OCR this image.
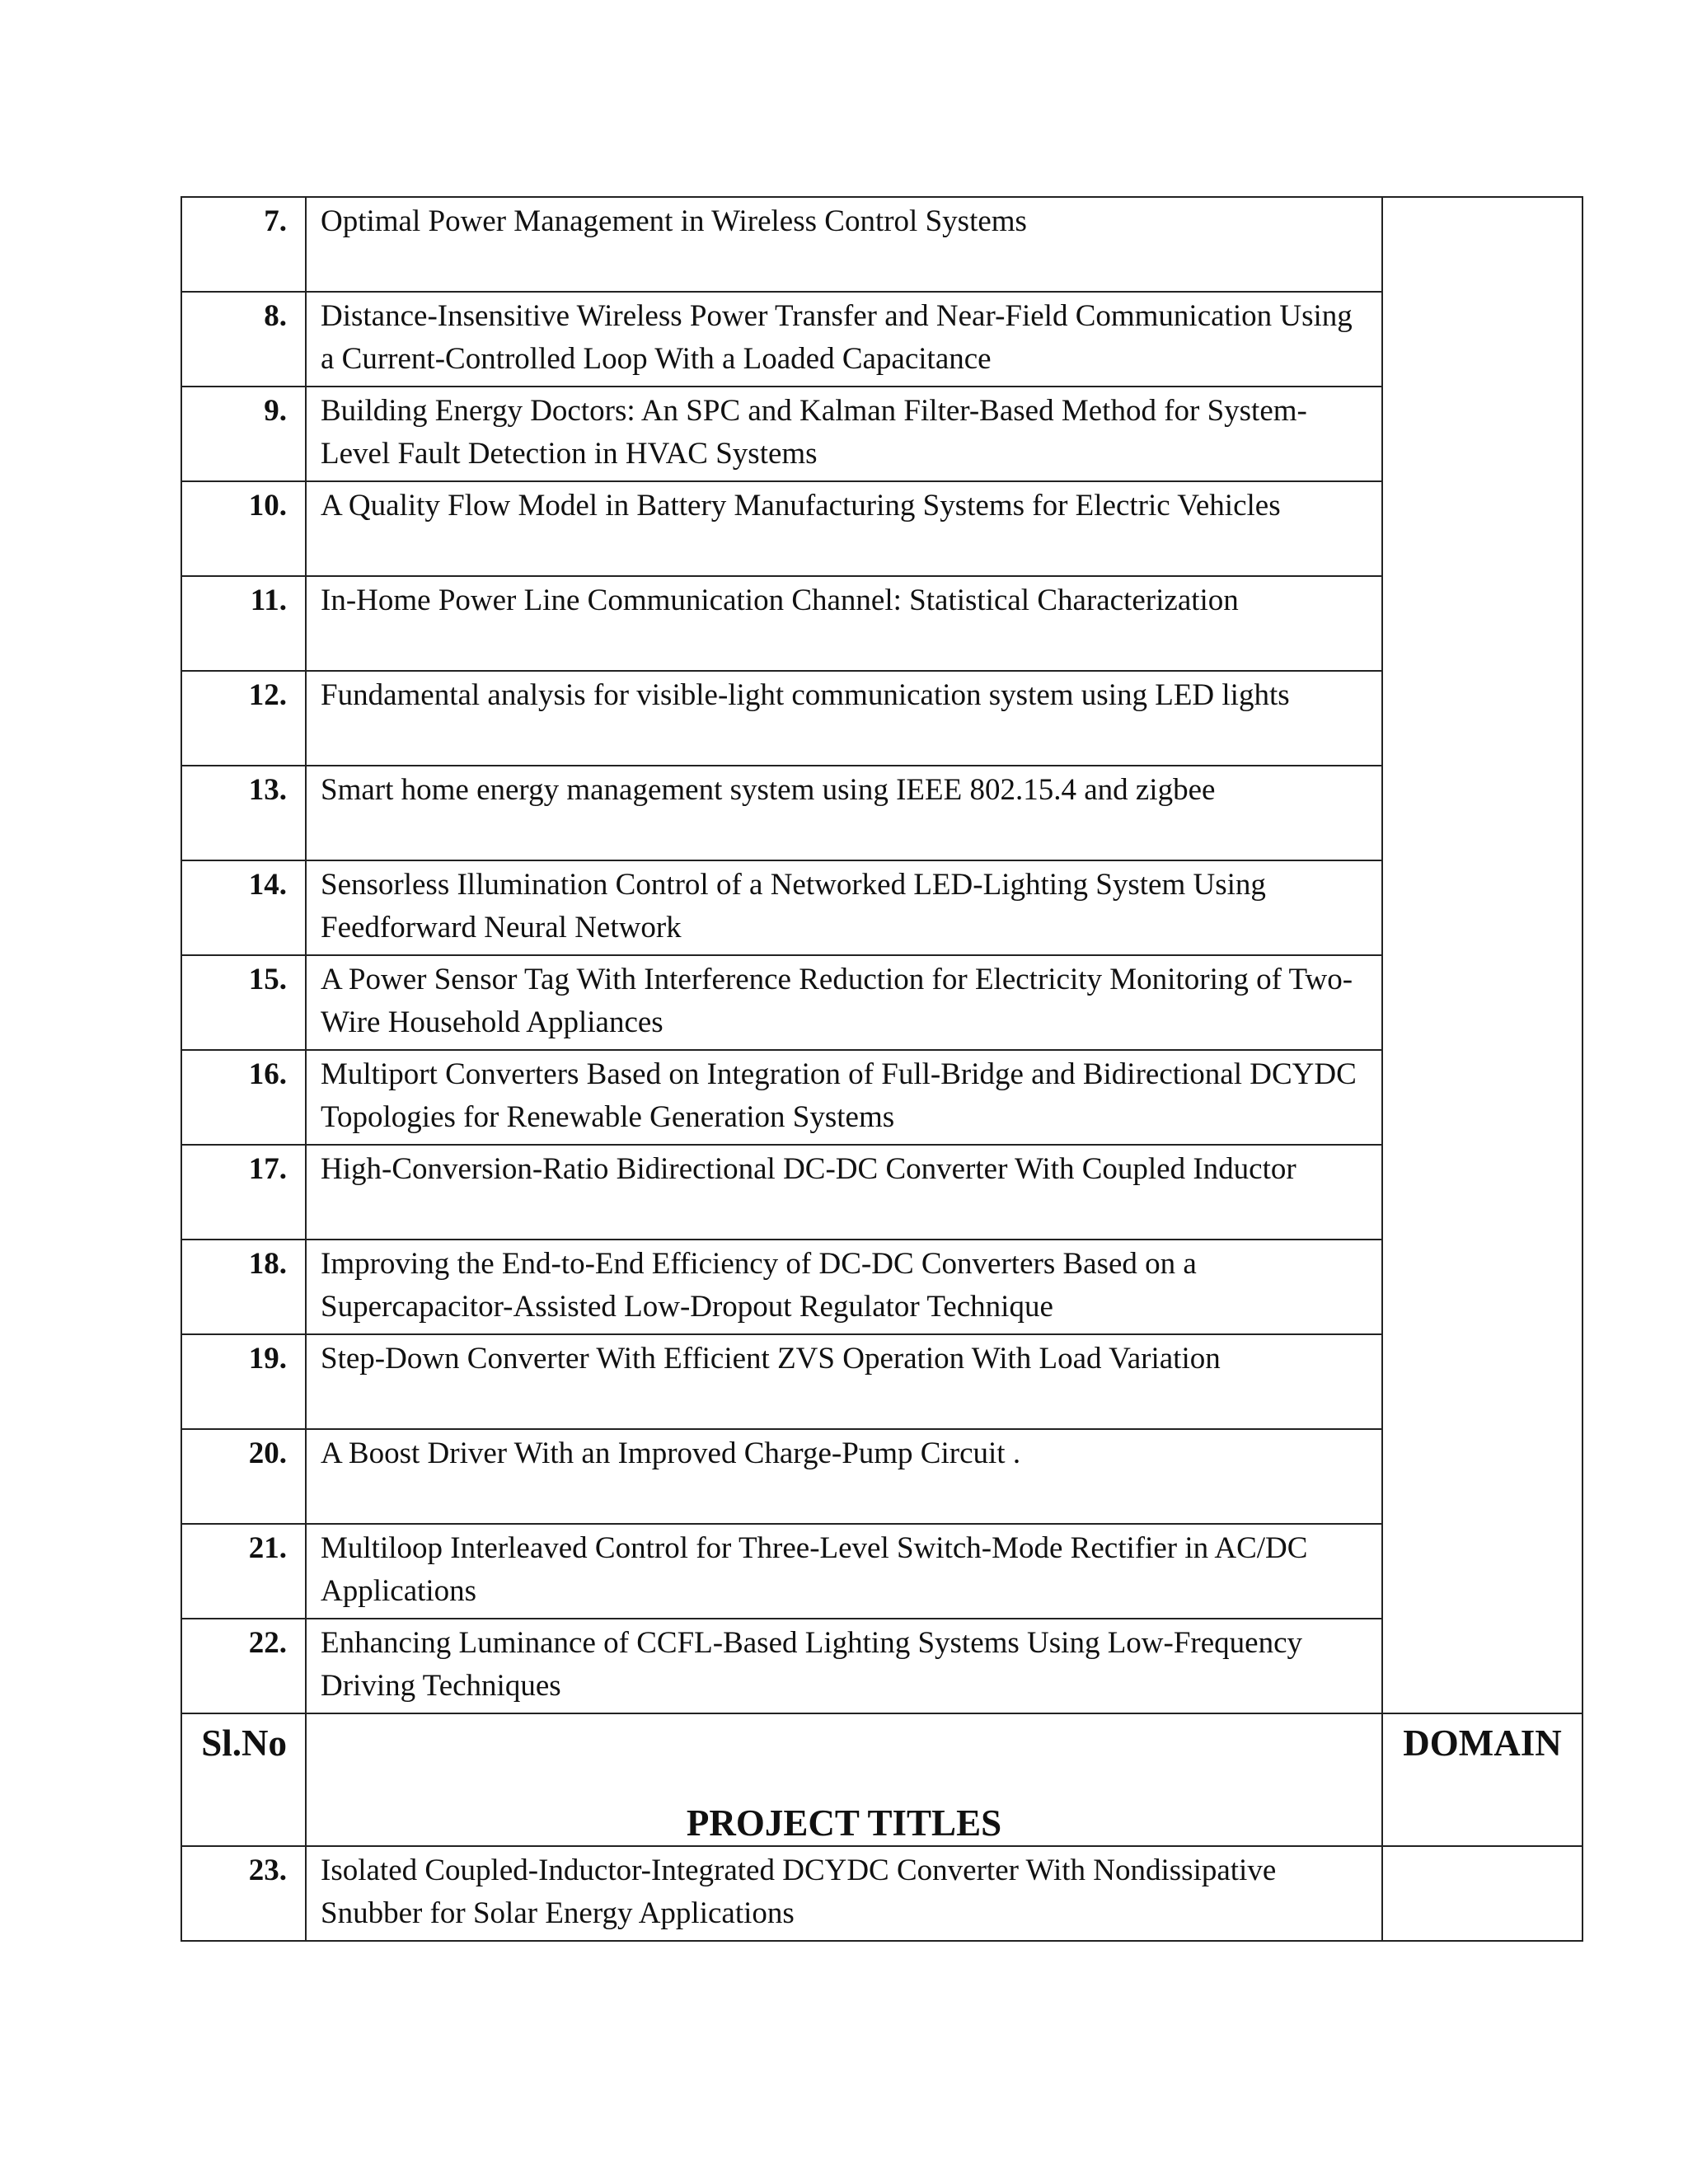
7.	Optimal Power Management in Wireless Control Systems	
8.	Distance-Insensitive Wireless Power Transfer and Near-Field Communication Using a Current-Controlled Loop With a Loaded Capacitance	
9.	Building Energy Doctors: An SPC and Kalman Filter-Based Method for System-Level Fault Detection in HVAC Systems	
10.	A Quality Flow Model in Battery Manufacturing Systems for Electric Vehicles	
11.	In-Home Power Line Communication Channel: Statistical Characterization	
12.	Fundamental analysis for visible-light communication system using LED lights	
13.	Smart home energy management system using IEEE 802.15.4 and zigbee	
14.	Sensorless Illumination Control of a Networked LED-Lighting System Using Feedforward Neural Network	
15.	A Power Sensor Tag With Interference Reduction for Electricity Monitoring of Two-Wire Household Appliances	
16.	Multiport Converters Based on Integration of Full-Bridge and Bidirectional DCYDC Topologies for Renewable Generation Systems	
17.	High-Conversion-Ratio Bidirectional DC-DC Converter With Coupled Inductor	
18.	Improving the End-to-End Efficiency of DC-DC Converters Based on a Supercapacitor-Assisted Low-Dropout Regulator Technique	
19.	Step-Down Converter With Efficient ZVS Operation With Load Variation	
20.	A Boost Driver With an Improved Charge-Pump Circuit .	
21.	Multiloop Interleaved Control for Three-Level Switch-Mode Rectifier in AC/DC Applications	
22.	Enhancing Luminance of CCFL-Based Lighting Systems Using Low-Frequency Driving Techniques	
Sl.No	PROJECT TITLES	DOMAIN
23.	Isolated Coupled-Inductor-Integrated DCYDC Converter With Nondissipative Snubber for Solar Energy Applications	
